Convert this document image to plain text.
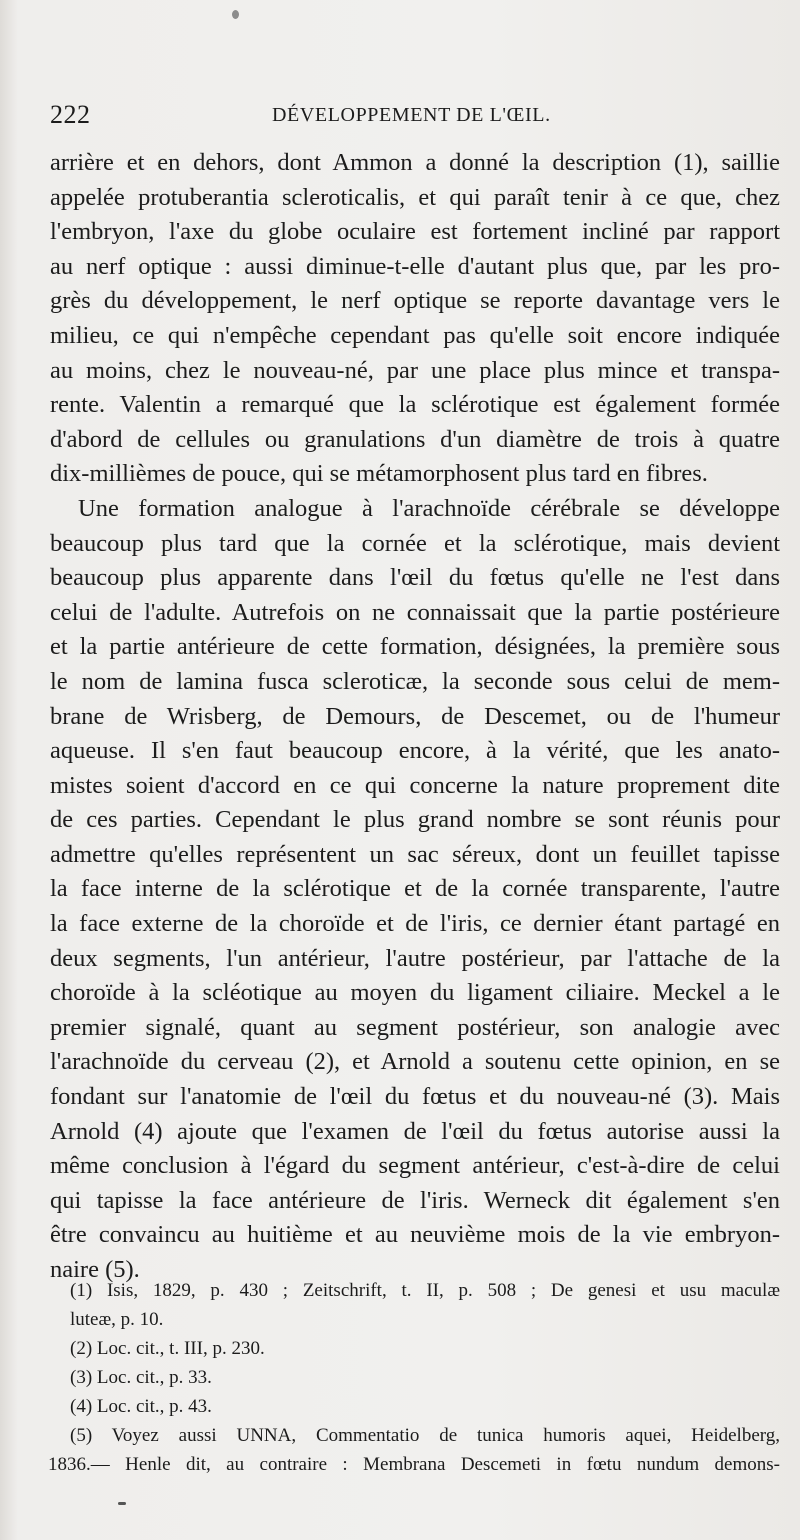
222	DÉVELOPPEMENT DE L'ŒIL.
arrière et en dehors, dont Ammon a donné la description (1), saillie
appelée protuberantia scleroticalis, et qui paraît tenir à ce que, chez
l'embryon, l'axe du globe oculaire est fortement incliné par rapport
au nerf optique : aussi diminue-t-elle d'autant plus que, par les pro-
grès du développement, le nerf optique se reporte davantage vers le
milieu, ce qui n'empêche cependant pas qu'elle soit encore indiquée
au moins, chez le nouveau-né, par une place plus mince et transpa-
rente. Valentin a remarqué que la sclérotique est également formée
d'abord de cellules ou granulations d'un diamètre de trois à quatre
dix-millièmes de pouce, qui se métamorphosent plus tard en fibres.
Une formation analogue à l'arachnoïde cérébrale se développe
beaucoup plus tard que la cornée et la sclérotique, mais devient
beaucoup plus apparente dans l'œil du fœtus qu'elle ne l'est dans
celui de l'adulte. Autrefois on ne connaissait que la partie postérieure
et la partie antérieure de cette formation, désignées, la première sous
le nom de lamina fusca scleroticæ, la seconde sous celui de mem-
brane de Wrisberg, de Demours, de Descemet, ou de l'humeur
aqueuse. Il s'en faut beaucoup encore, à la vérité, que les anato-
mistes soient d'accord en ce qui concerne la nature proprement dite
de ces parties. Cependant le plus grand nombre se sont réunis pour
admettre qu'elles représentent un sac séreux, dont un feuillet tapisse
la face interne de la sclérotique et de la cornée transparente, l'autre
la face externe de la choroïde et de l'iris, ce dernier étant partagé en
deux segments, l'un antérieur, l'autre postérieur, par l'attache de la
choroïde à la scléotique au moyen du ligament ciliaire. Meckel a le
premier signalé, quant au segment postérieur, son analogie avec
l'arachnoïde du cerveau (2), et Arnold a soutenu cette opinion, en se
fondant sur l'anatomie de l'œil du fœtus et du nouveau-né (3). Mais
Arnold (4) ajoute que l'examen de l'œil du fœtus autorise aussi la
même conclusion à l'égard du segment antérieur, c'est-à-dire de celui
qui tapisse la face antérieure de l'iris. Werneck dit également s'en
être convaincu au huitième et au neuvième mois de la vie embryon-
naire (5).
(1) Isis, 1829, p. 430 ; Zeitschrift, t. II, p. 508 ; De genesi et usu maculæ
luteæ, p. 10.
(2) Loc. cit., t. III, p. 230.
(3) Loc. cit., p. 33.
(4) Loc. cit., p. 43.
(5) Voyez aussi UNNA, Commentatio de tunica humoris aquei, Heidelberg,
1836.— Henle dit, au contraire : Membrana Descemeti in fœtu nundum demons-
